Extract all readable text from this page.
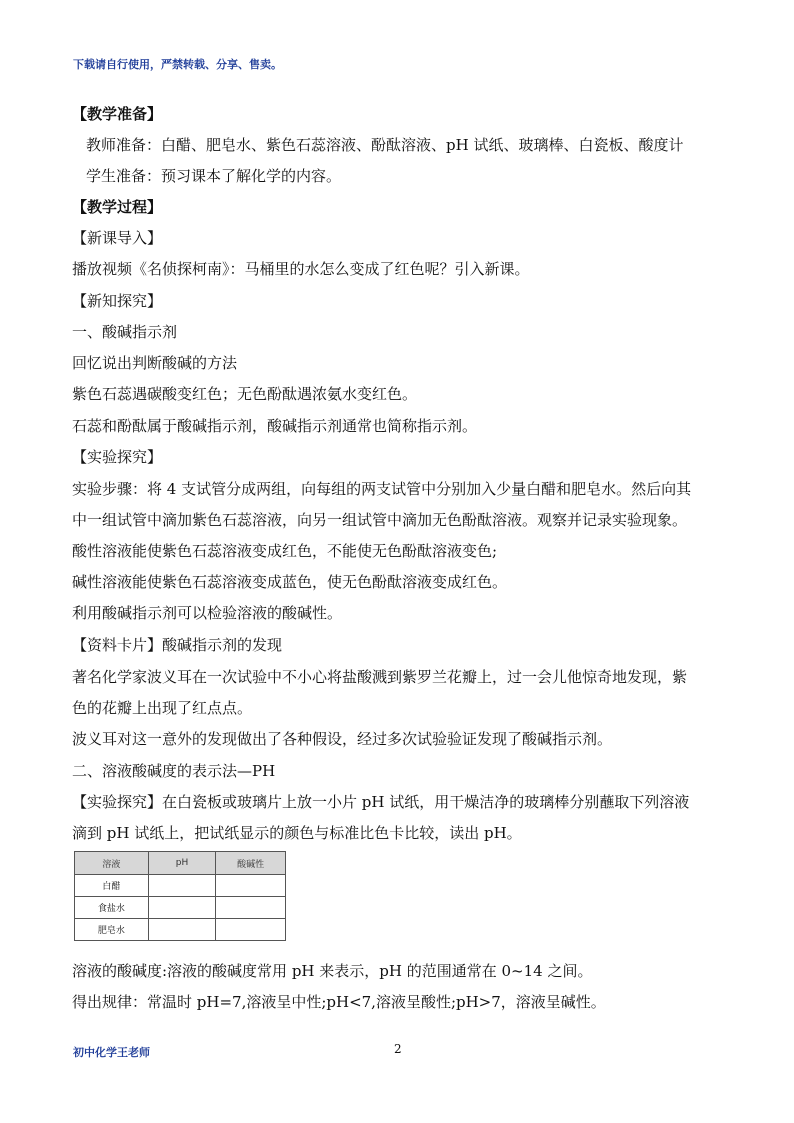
下载请自行使用，严禁转载、分享、售卖。
【教学准备】
教师准备：白醋、肥皂水、紫色石蕊溶液、酚酞溶液、pH 试纸、玻璃棒、白瓷板、酸度计
学生准备：预习课本了解化学的内容。
【教学过程】
【新课导入】
播放视频《名侦探柯南》：马桶里的水怎么变成了红色呢？引入新课。
【新知探究】
一、酸碱指示剂
回忆说出判断酸碱的方法
紫色石蕊遇碳酸变红色；无色酚酞遇浓氨水变红色。
石蕊和酚酞属于酸碱指示剂，酸碱指示剂通常也简称指示剂。
【实验探究】
实验步骤：将 4 支试管分成两组，向每组的两支试管中分别加入少量白醋和肥皂水。然后向其
中一组试管中滴加紫色石蕊溶液，向另一组试管中滴加无色酚酞溶液。观察并记录实验现象。
酸性溶液能使紫色石蕊溶液变成红色，不能使无色酚酞溶液变色;
碱性溶液能使紫色石蕊溶液变成蓝色，使无色酚酞溶液变成红色。
利用酸碱指示剂可以检验溶液的酸碱性。
【资料卡片】酸碱指示剂的发现
著名化学家波义耳在一次试验中不小心将盐酸溅到紫罗兰花瓣上，过一会儿他惊奇地发现，紫
色的花瓣上出现了红点点。
波义耳对这一意外的发现做出了各种假设，经过多次试验验证发现了酸碱指示剂。
二、溶液酸碱度的表示法—PH
【实验探究】在白瓷板或玻璃片上放一小片 pH 试纸，用干燥洁净的玻璃棒分别蘸取下列溶液
滴到 pH 试纸上，把试纸显示的颜色与标准比色卡比较，读出 pH。
溶液	pH	酸碱性
白醋		
食盐水		
肥皂水		
溶液的酸碱度:溶液的酸碱度常用 pH 来表示，pH 的范围通常在 0~14 之间。
得出规律：常温时 pH=7,溶液呈中性;pH<7,溶液呈酸性;pH>7，溶液呈碱性。
初中化学王老师	2
